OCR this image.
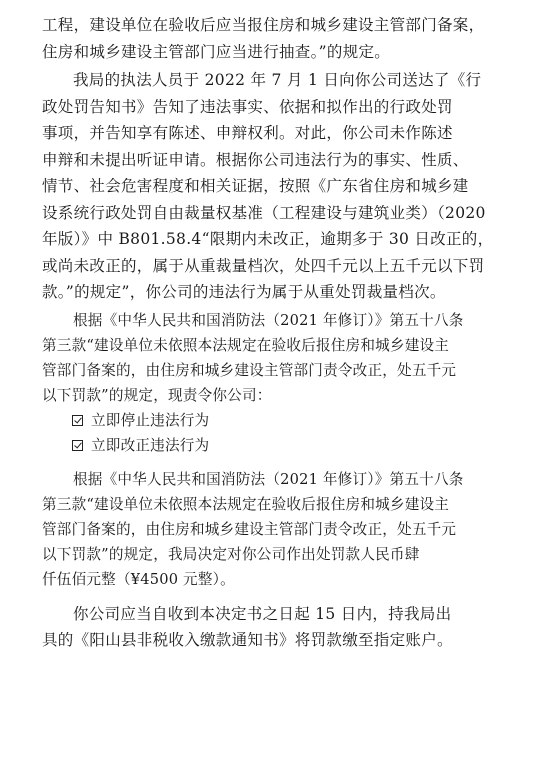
工程，建设单位在验收后应当报住房和城乡建设主管部门备案，
住房和城乡建设主管部门应当进行抽查。”的规定。
我局的执法人员于 2022 年 7 月 1 日向你公司送达了《行
政处罚告知书》告知了违法事实、依据和拟作出的行政处罚
事项，并告知享有陈述、申辩权利。对此，你公司未作陈述
申辩和未提出听证申请。根据你公司违法行为的事实、性质、
情节、社会危害程度和相关证据，按照《广东省住房和城乡建
设系统行政处罚自由裁量权基准（工程建设与建筑业类）（2020
年版）》中 B801.58.4“限期内未改正，逾期多于 30 日改正的，
或尚未改正的，属于从重裁量档次，处四千元以上五千元以下罚
款。”的规定”，你公司的违法行为属于从重处罚裁量档次。
根据《中华人民共和国消防法（2021 年修订）》第五十八条
第三款“建设单位未依照本法规定在验收后报住房和城乡建设主
管部门备案的，由住房和城乡建设主管部门责令改正，处五千元
以下罚款”的规定，现责令你公司：
立即停止违法行为
立即改正违法行为
根据《中华人民共和国消防法（2021 年修订）》第五十八条
第三款“建设单位未依照本法规定在验收后报住房和城乡建设主
管部门备案的，由住房和城乡建设主管部门责令改正，处五千元
以下罚款”的规定，我局决定对你公司作出处罚款人民币肆
仟伍佰元整（¥4500 元整）。
你公司应当自收到本决定书之日起 15 日内，持我局出
具的《阳山县非税收入缴款通知书》将罚款缴至指定账户。
